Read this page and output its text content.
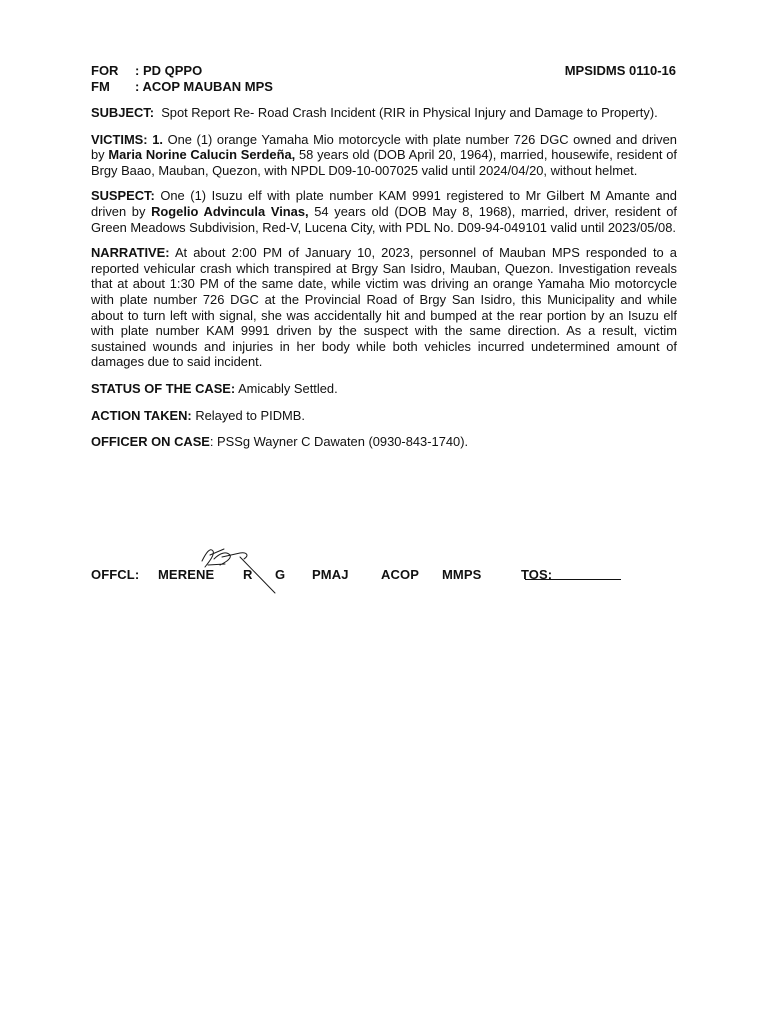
FOR : PD QPPO
FM : ACOP MAUBAN MPS
MPSIDMS 0110-16

SUBJECT: Spot Report Re- Road Crash Incident (RIR in Physical Injury and Damage to Property).

VICTIMS: 1. One (1) orange Yamaha Mio motorcycle with plate number 726 DGC owned and driven by Maria Norine Calucin Serdeña, 58 years old (DOB April 20, 1964), married, housewife, resident of Brgy Baao, Mauban, Quezon, with NPDL D09-10-007025 valid until 2024/04/20, without helmet.

SUSPECT: One (1) Isuzu elf with plate number KAM 9991 registered to Mr Gilbert M Amante and driven by Rogelio Advincula Vinas, 54 years old (DOB May 8, 1968), married, driver, resident of Green Meadows Subdivision, Red-V, Lucena City, with PDL No. D09-94-049101 valid until 2023/05/08.

NARRATIVE: At about 2:00 PM of January 10, 2023, personnel of Mauban MPS responded to a reported vehicular crash which transpired at Brgy San Isidro, Mauban, Quezon. Investigation reveals that at about 1:30 PM of the same date, while victim was driving an orange Yamaha Mio motorcycle with plate number 726 DGC at the Provincial Road of Brgy San Isidro, this Municipality and while about to turn left with signal, she was accidentally hit and bumped at the rear portion by an Isuzu elf with plate number KAM 9991 driven by the suspect with the same direction. As a result, victim sustained wounds and injuries in her body while both vehicles incurred undetermined amount of damages due to said incident.

STATUS OF THE CASE: Amicably Settled.

ACTION TAKEN: Relayed to PIDMB.

OFFICER ON CASE: PSSg Wayner C Dawaten (0930-843-1740).

OFFCL: MERENE R G PMAJ ACOP MMPS	TOS:
